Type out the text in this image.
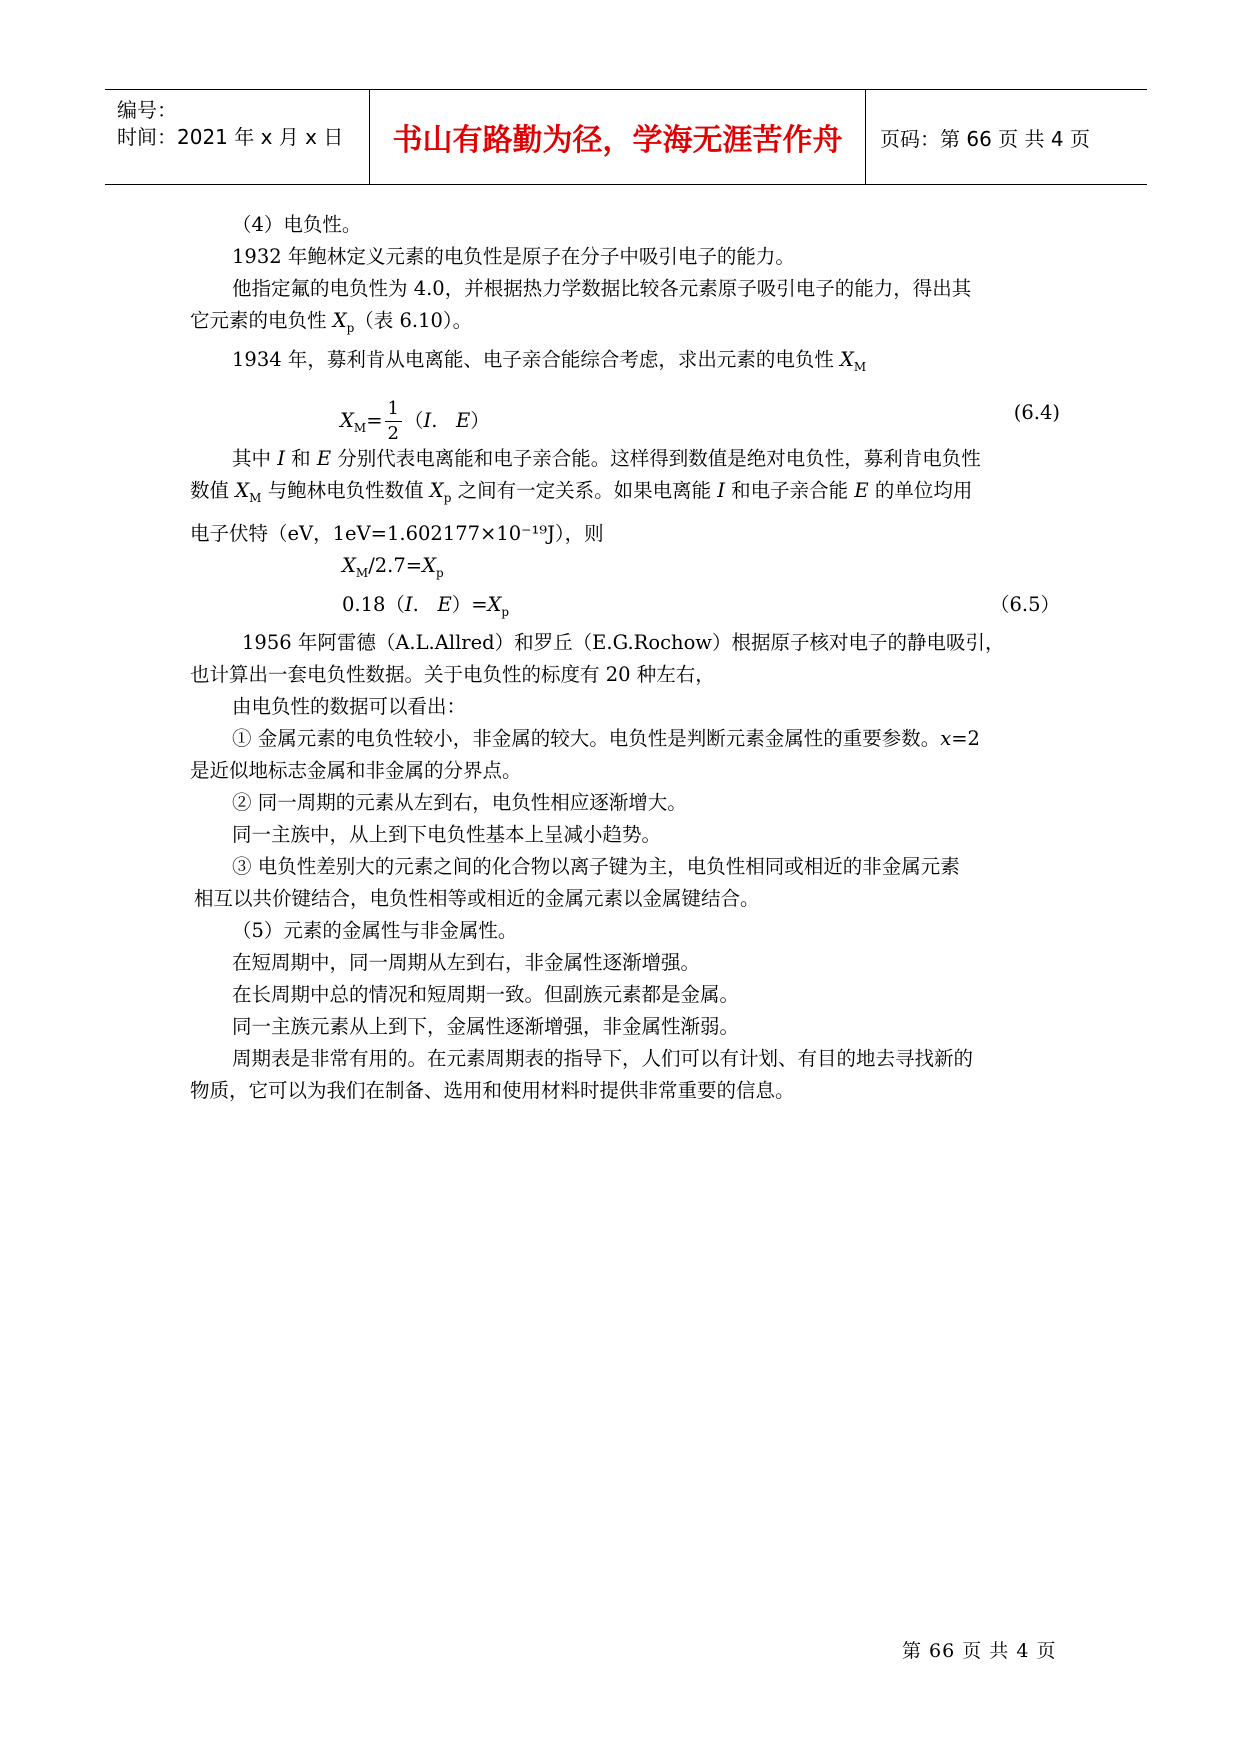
编号：
时间：2021 年 x 月 x 日	书山有路勤为径，学海无涯苦作舟	页码：第 66 页 共 4 页

（4）电负性。

1932 年鲍林定义元素的电负性是原子在分子中吸引电子的能力。

他指定氟的电负性为 4.0，并根据热力学数据比较各元素原子吸引电子的能力，得出其

它元素的电负性 $X_p$（表 6.10）。

1934 年，募利肯从电离能、电子亲合能综合考虑，求出元素的电负性 $X_M$

$X_M= \frac{1}{2} (I$. E）	(6.4)

其中 I 和 E 分别代表电离能和电子亲合能。这样得到数值是绝对电负性，募利肯电负性

数值 $X_M$ 与鲍林电负性数值 $X_p$ 之间有一定关系。如果电离能 I 和电子亲合能 E 的单位均用

电子伏特（eV，1eV=1.602177×10⁻¹⁹J），则

$X_M/2.7=X_p$

0.18（I. $E)=X_p$	（6.5）

1956 年阿雷德（A.L.Allred）和罗丘（E.G.Rochow）根据原子核对电子的静电吸引，

也计算出一套电负性数据。关于电负性的标度有 20 种左右，

由电负性的数据可以看出：

① 金属元素的电负性较小，非金属的较大。电负性是判断元素金属性的重要参数。x=2

是近似地标志金属和非金属的分界点。

② 同一周期的元素从左到右，电负性相应逐渐增大。

同一主族中，从上到下电负性基本上呈减小趋势。

③ 电负性差别大的元素之间的化合物以离子键为主，电负性相同或相近的非金属元素

相互以共价键结合，电负性相等或相近的金属元素以金属键结合。

（5）元素的金属性与非金属性。

在短周期中，同一周期从左到右，非金属性逐渐增强。

在长周期中总的情况和短周期一致。但副族元素都是金属。

同一主族元素从上到下，金属性逐渐增强，非金属性渐弱。

周期表是非常有用的。在元素周期表的指导下，人们可以有计划、有目的地去寻找新的

物质，它可以为我们在制备、选用和使用材料时提供非常重要的信息。

第 66 页 共 4 页
